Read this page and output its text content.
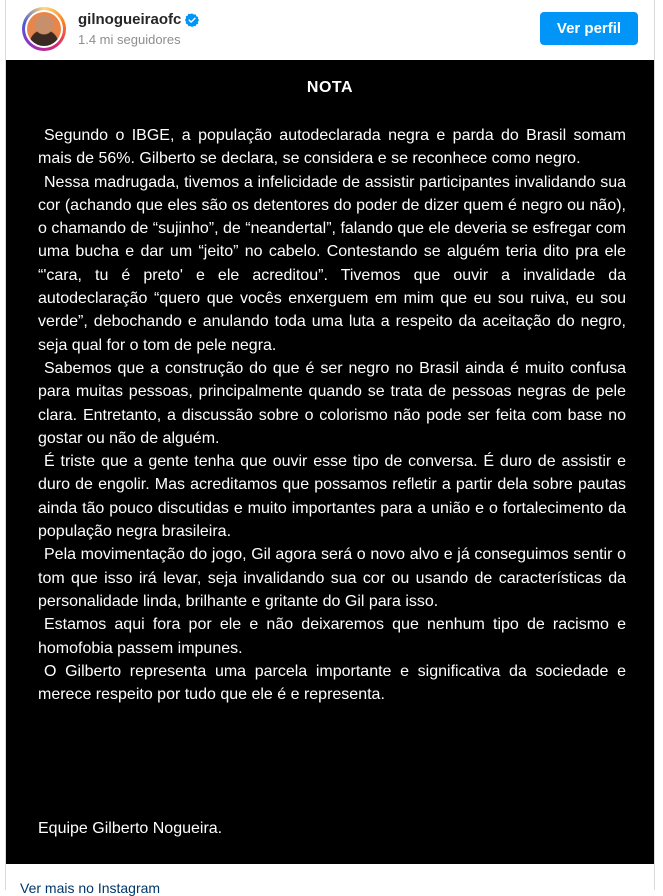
gilnogueiraofc
1.4 mi seguidores
Ver perfil
NOTA

Segundo o IBGE, a população autodeclarada negra e parda do Brasil somam mais de 56%. Gilberto se declara, se considera e se reconhece como negro.

Nessa madrugada, tivemos a infelicidade de assistir participantes invalidando sua cor (achando que eles são os detentores do poder de dizer quem é negro ou não), o chamando de “sujinho”, de “neandertal”, falando que ele deveria se esfregar com uma bucha e dar um “jeito” no cabelo. Contestando se alguém teria dito pra ele “'cara, tu é preto' e ele acreditou”. Tivemos que ouvir a invalidade da autodeclaração “quero que vocês enxerguem em mim que eu sou ruiva, eu sou verde”, debochando e anulando toda uma luta a respeito da aceitação do negro, seja qual for o tom de pele negra.

Sabemos que a construção do que é ser negro no Brasil ainda é muito confusa para muitas pessoas, principalmente quando se trata de pessoas negras de pele clara. Entretanto, a discussão sobre o colorismo não pode ser feita com base no gostar ou não de alguém.

É triste que a gente tenha que ouvir esse tipo de conversa. É duro de assistir e duro de engolir. Mas acreditamos que possamos refletir a partir dela sobre pautas ainda tão pouco discutidas e muito importantes para a união e o fortalecimento da população negra brasileira.

Pela movimentação do jogo, Gil agora será o novo alvo e já conseguimos sentir o tom que isso irá levar, seja invalidando sua cor ou usando de características da personalidade linda, brilhante e gritante do Gil para isso.

Estamos aqui fora por ele e não deixaremos que nenhum tipo de racismo e homofobia passem impunes.

O Gilberto representa uma parcela importante e significativa da sociedade e merece respeito por tudo que ele é e representa.

Equipe Gilberto Nogueira.
Ver mais no Instagram
